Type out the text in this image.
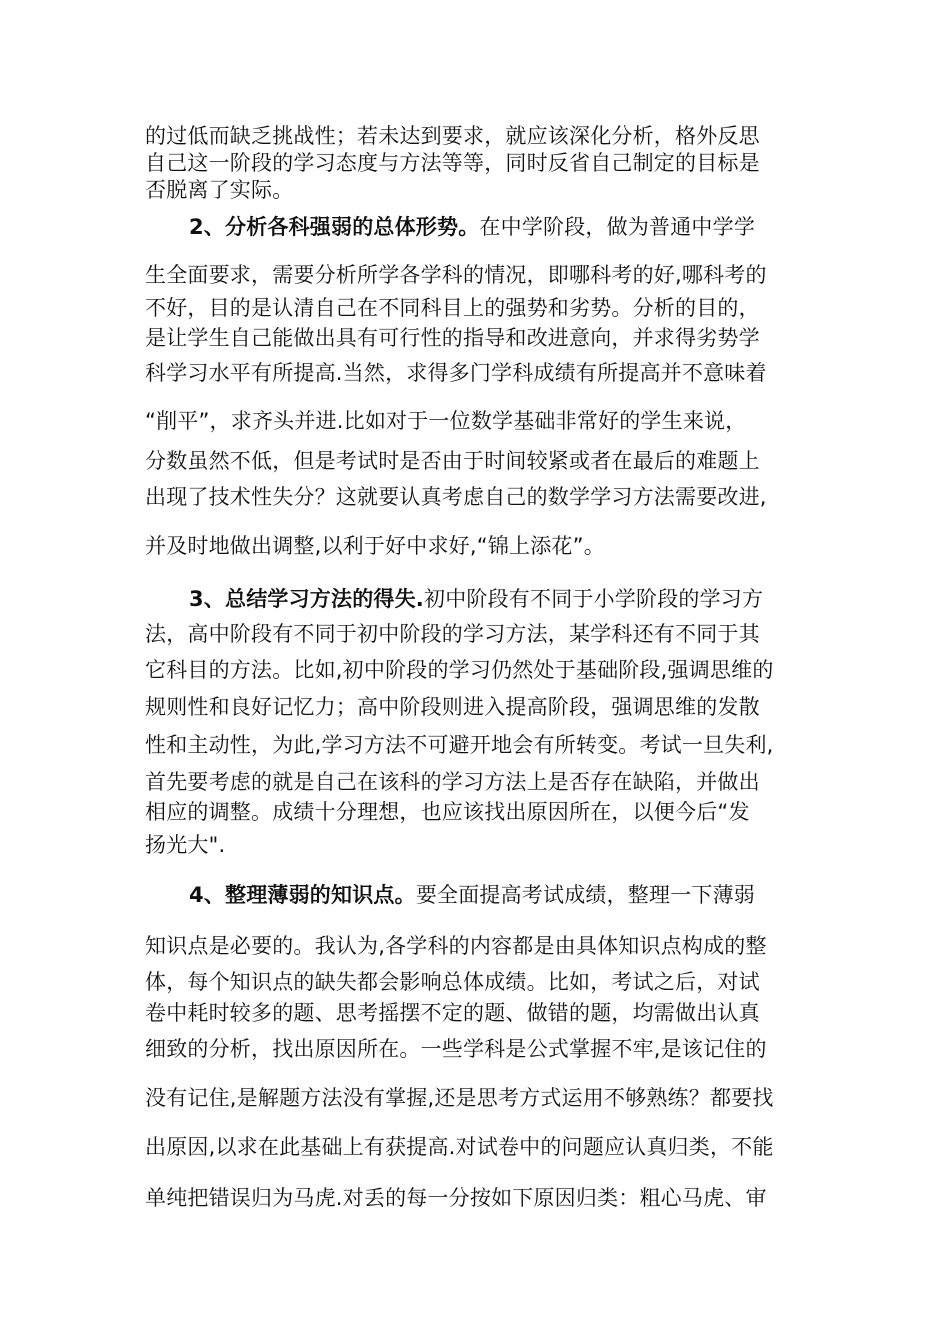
的过低而缺乏挑战性；若未达到要求，就应该深化分析，格外反思
自己这一阶段的学习态度与方法等等，同时反省自己制定的目标是
否脱离了实际。
2、分析各科强弱的总体形势。在中学阶段，做为普通中学学
生全面要求，需要分析所学各学科的情况，即哪科考的好,哪科考的
不好，目的是认清自己在不同科目上的强势和劣势。分析的目的，
是让学生自己能做出具有可行性的指导和改进意向，并求得劣势学
科学习水平有所提高.当然，求得多门学科成绩有所提高并不意味着
“削平”，求齐头并进.比如对于一位数学基础非常好的学生来说，
分数虽然不低，但是考试时是否由于时间较紧或者在最后的难题上
出现了技术性失分？这就要认真考虑自己的数学学习方法需要改进,
并及时地做出调整,以利于好中求好,“锦上添花”。
3、总结学习方法的得失.初中阶段有不同于小学阶段的学习方
法，高中阶段有不同于初中阶段的学习方法，某学科还有不同于其
它科目的方法。比如,初中阶段的学习仍然处于基础阶段,强调思维的
规则性和良好记忆力；高中阶段则进入提高阶段，强调思维的发散
性和主动性，为此,学习方法不可避开地会有所转变。考试一旦失利,
首先要考虑的就是自己在该科的学习方法上是否存在缺陷，并做出
相应的调整。成绩十分理想，也应该找出原因所在，以便今后“发
扬光大".
4、整理薄弱的知识点。要全面提高考试成绩，整理一下薄弱
知识点是必要的。我认为,各学科的内容都是由具体知识点构成的整
体，每个知识点的缺失都会影响总体成绩。比如，考试之后，对试
卷中耗时较多的题、思考摇摆不定的题、做错的题，均需做出认真
细致的分析，找出原因所在。一些学科是公式掌握不牢,是该记住的
没有记住,是解题方法没有掌握,还是思考方式运用不够熟练？都要找
出原因,以求在此基础上有获提高.对试卷中的问题应认真归类，不能
单纯把错误归为马虎.对丢的每一分按如下原因归类：粗心马虎、审
